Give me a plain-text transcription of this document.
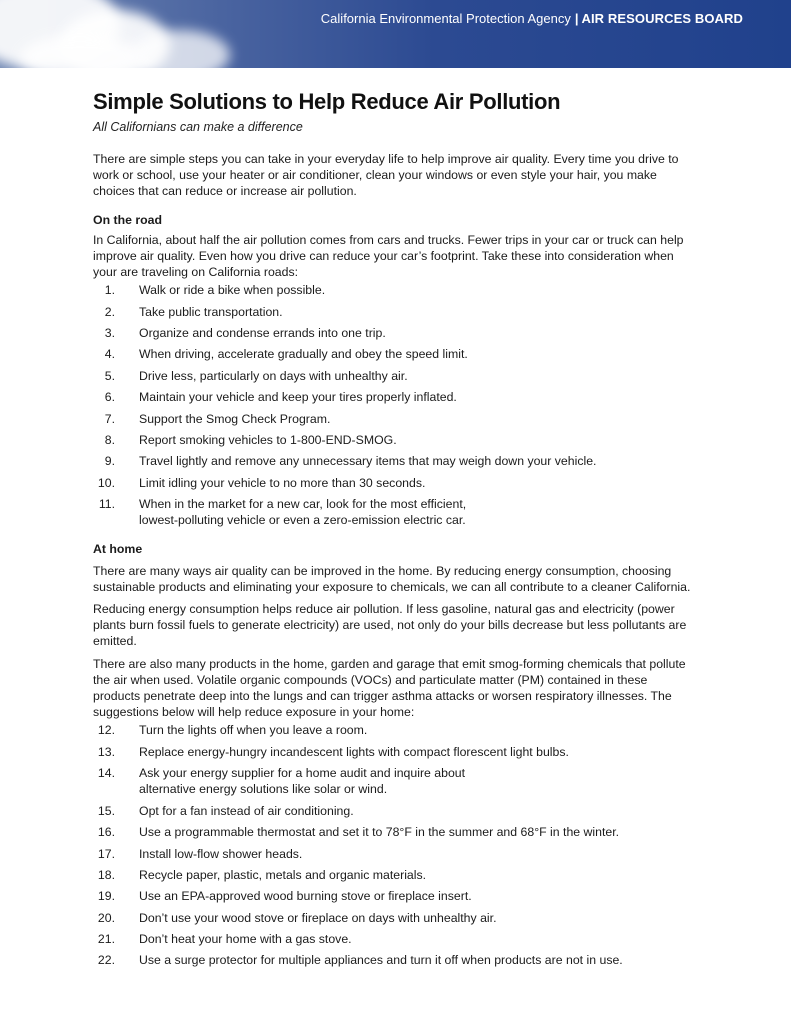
California Environmental Protection Agency | AIR RESOURCES BOARD
Simple Solutions to Help Reduce Air Pollution
All Californians can make a difference

There are simple steps you can take in your everyday life to help improve air quality. Every time you drive to work or school, use your heater or air conditioner, clean your windows or even style your hair, you make choices that can reduce or increase air pollution.

On the road

In California, about half the air pollution comes from cars and trucks. Fewer trips in your car or truck can help improve air quality. Even how you drive can reduce your car’s footprint. Take these into consideration when your are traveling on California roads:

1. Walk or ride a bike when possible.
2. Take public transportation.
3. Organize and condense errands into one trip.
4. When driving, accelerate gradually and obey the speed limit.
5. Drive less, particularly on days with unhealthy air.
6. Maintain your vehicle and keep your tires properly inflated.
7. Support the Smog Check Program.
8. Report smoking vehicles to 1-800-END-SMOG.
9. Travel lightly and remove any unnecessary items that may weigh down your vehicle.
10. Limit idling your vehicle to no more than 30 seconds.
11. When in the market for a new car, look for the most efficient,
lowest-polluting vehicle or even a zero-emission electric car.
At home

There are many ways air quality can be improved in the home. By reducing energy consumption, choosing sustainable products and eliminating your exposure to chemicals, we can all contribute to a cleaner California.

Reducing energy consumption helps reduce air pollution. If less gasoline, natural gas and electricity (power plants burn fossil fuels to generate electricity) are used, not only do your bills decrease but less pollutants are emitted.

There are also many products in the home, garden and garage that emit smog-forming chemicals that pollute the air when used. Volatile organic compounds (VOCs) and particulate matter (PM) contained in these products penetrate deep into the lungs and can trigger asthma attacks or worsen respiratory illnesses. The suggestions below will help reduce exposure in your home:

12. Turn the lights off when you leave a room.
13. Replace energy-hungry incandescent lights with compact florescent light bulbs.
14. Ask your energy supplier for a home audit and inquire about
alternative energy solutions like solar or wind.
15. Opt for a fan instead of air conditioning.
16. Use a programmable thermostat and set it to 78°F in the summer and 68°F in the winter.
17. Install low-flow shower heads.
18. Recycle paper, plastic, metals and organic materials.
19. Use an EPA-approved wood burning stove or fireplace insert.
20. Don’t use your wood stove or fireplace on days with unhealthy air.
21. Don’t heat your home with a gas stove.
22. Use a surge protector for multiple appliances and turn it off when products are not in use.
